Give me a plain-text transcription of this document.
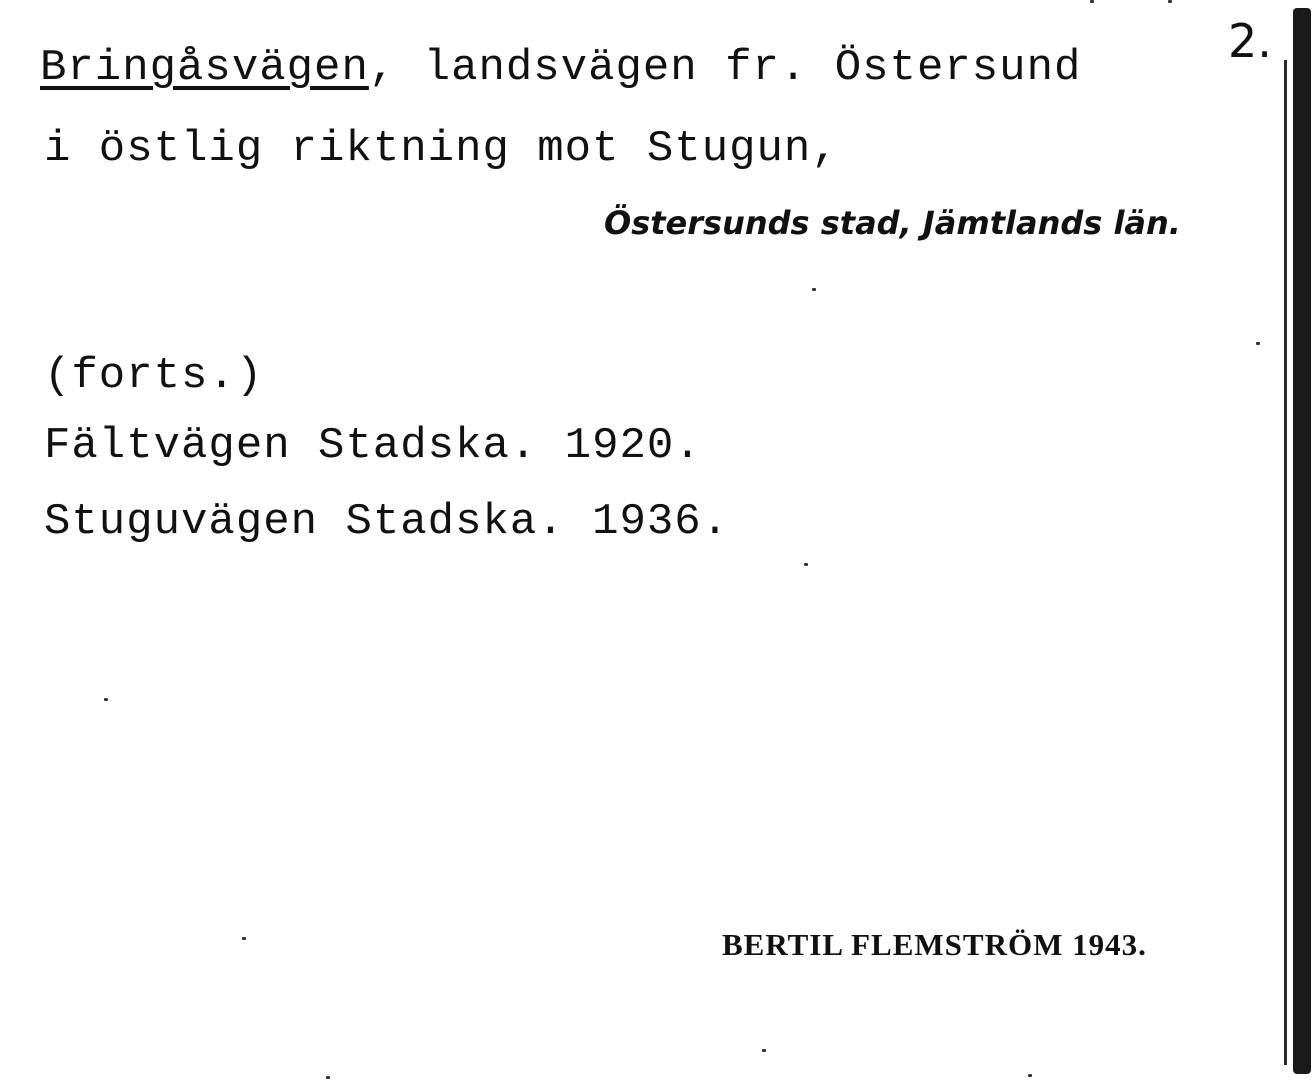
2.
Bringåsvägen, landsvägen fr. Östersund
i östlig riktning mot Stugun,
Östersunds stad, Jämtlands län.
(forts.)
Fältvägen Stadska. 1920.
Stuguvägen Stadska. 1936.
BERTIL FLEMSTRÖM 1943.
